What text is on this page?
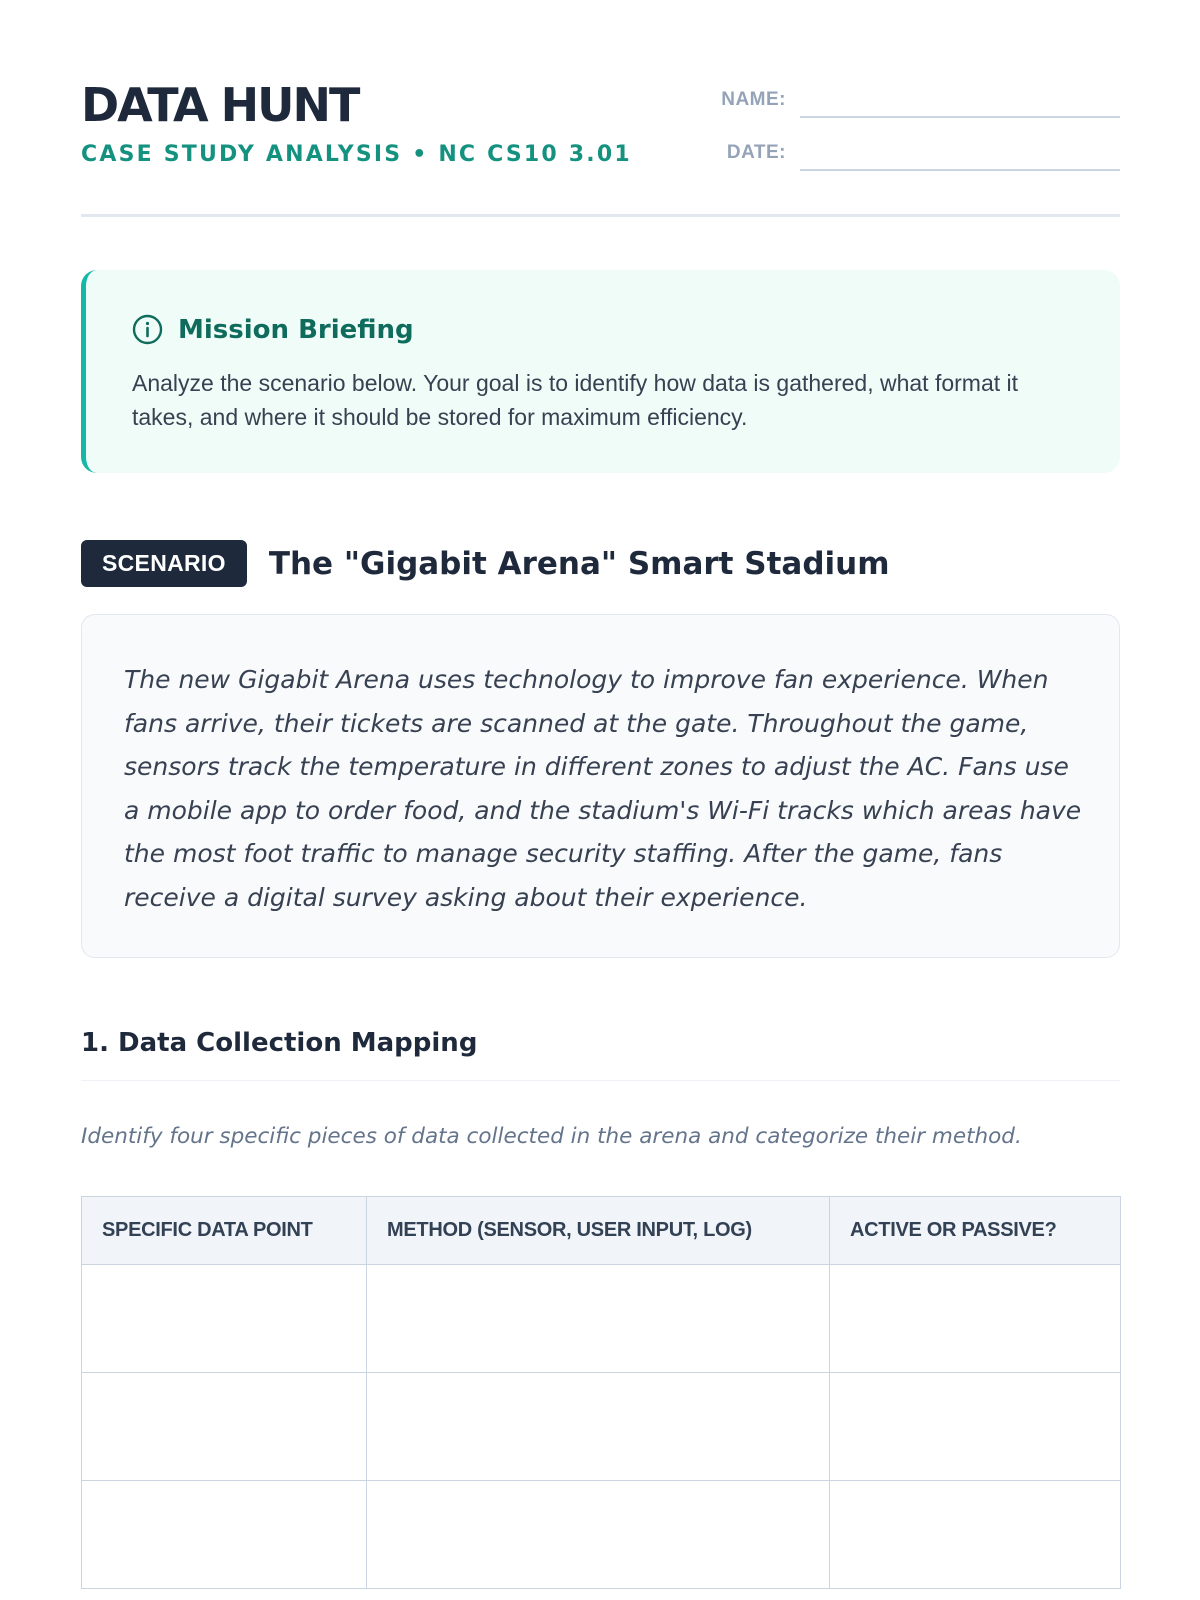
DATA HUNT
CASE STUDY ANALYSIS • NC CS10 3.01
NAME:
DATE:
Mission Briefing
Analyze the scenario below. Your goal is to identify how data is gathered, what format it takes, and where it should be stored for maximum efficiency.
SCENARIO	The "Gigabit Arena" Smart Stadium
The new Gigabit Arena uses technology to improve fan experience. When fans arrive, their tickets are scanned at the gate. Throughout the game, sensors track the temperature in different zones to adjust the AC. Fans use a mobile app to order food, and the stadium's Wi-Fi tracks which areas have the most foot traffic to manage security staffing. After the game, fans receive a digital survey asking about their experience.
1. Data Collection Mapping
Identify four specific pieces of data collected in the arena and categorize their method.
SPECIFIC DATA POINT	METHOD (SENSOR, USER INPUT, LOG)	ACTIVE OR PASSIVE?
